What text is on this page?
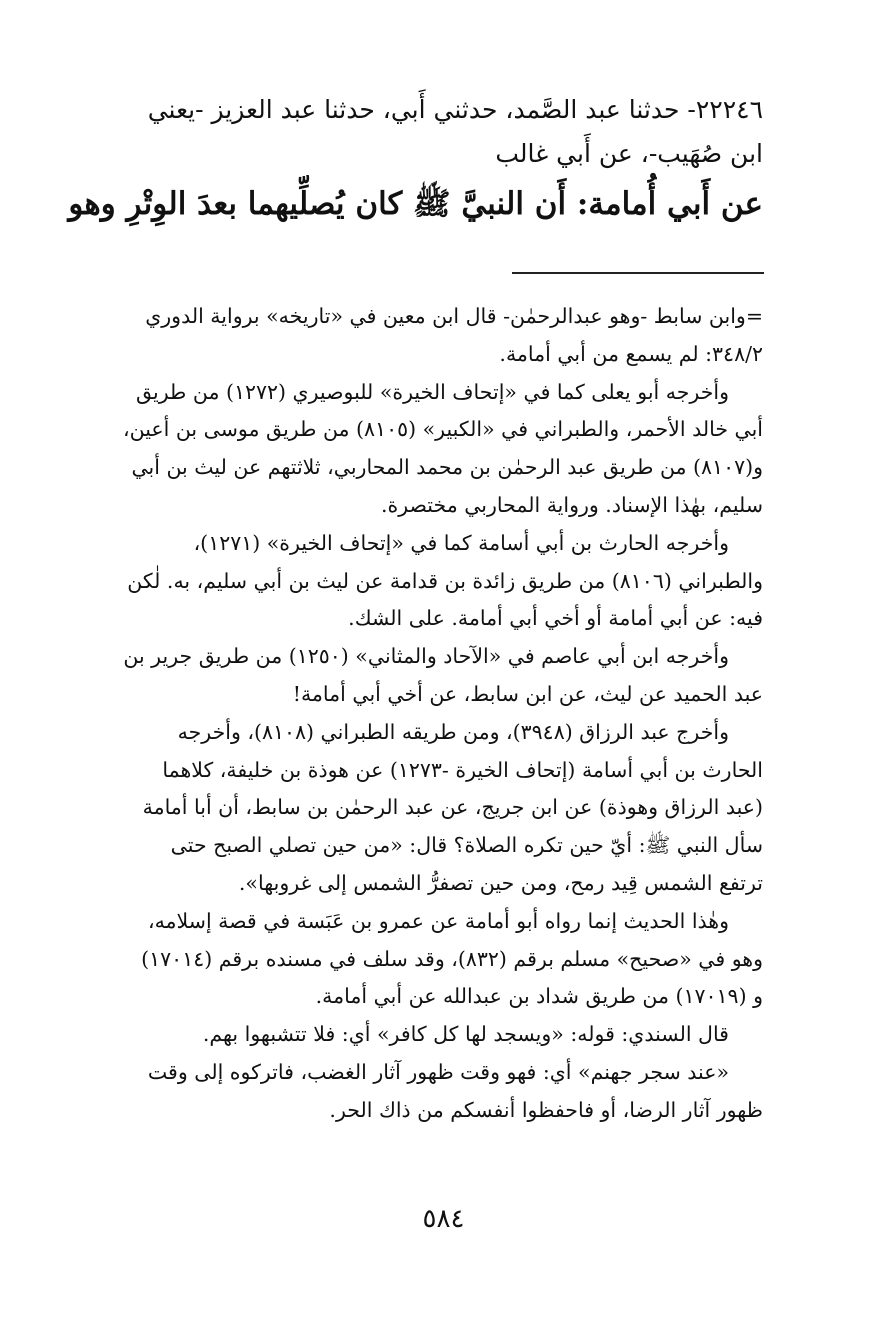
٢٢٢٤٦- حدثنا عبد الصَّمد، حدثني أَبي، حدثنا عبد العزيز -يعني

ابن صُهَيب-، عن أَبي غالب

عن أَبي أُمامة: أَن النبيَّ ﷺ كان يُصلِّيهما بعدَ الوِتْرِ وهو

=وابن سابط -وهو عبدالرحمٰن- قال ابن معين في «تاريخه» برواية الدوري

٣٤٨/٢: لم يسمع من أبي أمامة.

وأخرجه أبو يعلى كما في «إتحاف الخيرة» للبوصيري (١٢٧٢) من طريق

أبي خالد الأحمر، والطبراني في «الكبير» (٨١٠٥) من طريق موسى بن أعين،

و(٨١٠٧) من طريق عبد الرحمٰن بن محمد المحاربي، ثلاثتهم عن ليث بن أبي

سليم، بهٰذا الإسناد. ورواية المحاربي مختصرة.

وأخرجه الحارث بن أبي أسامة كما في «إتحاف الخيرة» (١٢٧١)،

والطبراني (٨١٠٦) من طريق زائدة بن قدامة عن ليث بن أبي سليم، به. لٰكن

فيه: عن أبي أمامة أو أخي أبي أمامة. على الشك.

وأخرجه ابن أبي عاصم في «الآحاد والمثاني» (١٢٥٠) من طريق جرير بن

عبد الحميد عن ليث، عن ابن سابط، عن أخي أبي أمامة!

وأخرج عبد الرزاق (٣٩٤٨)، ومن طريقه الطبراني (٨١٠٨)، وأخرجه

الحارث بن أبي أسامة (إتحاف الخيرة -١٢٧٣) عن هوذة بن خليفة، كلاهما

(عبد الرزاق وهوذة) عن ابن جريج، عن عبد الرحمٰن بن سابط، أن أبا أمامة

سأل النبي ﷺ: أيّ حين تكره الصلاة؟ قال: «من حين تصلي الصبح حتى

ترتفع الشمس قِيد رمح، ومن حين تصفرُّ الشمس إلى غروبها».

وهٰذا الحديث إنما رواه أبو أمامة عن عمرو بن عَبَسة في قصة إسلامه،

وهو في «صحيح» مسلم برقم (٨٣٢)، وقد سلف في مسنده برقم (١٧٠١٤)

و (١٧٠١٩) من طريق شداد بن عبدالله عن أبي أمامة.

قال السندي: قوله: «ويسجد لها كل كافر» أي: فلا تتشبهوا بهم.

«عند سجر جهنم» أي: فهو وقت ظهور آثار الغضب، فاتركوه إلى وقت

ظهور آثار الرضا، أو فاحفظوا أنفسكم من ذاك الحر.

٥٨٤
